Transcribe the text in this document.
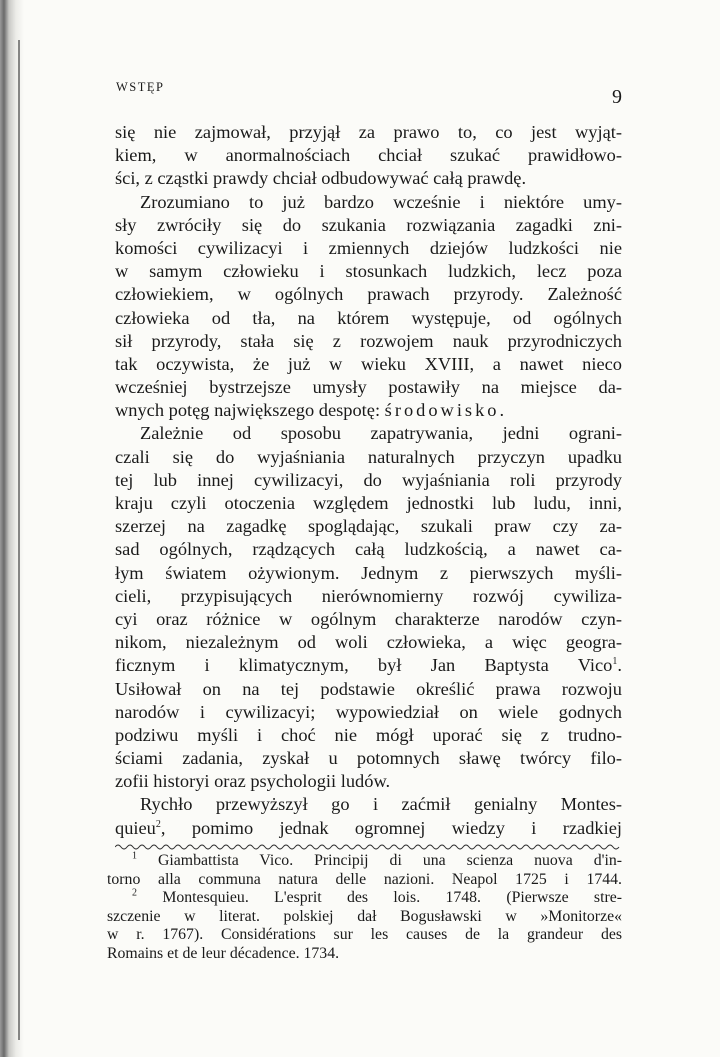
WSTĘP	9
się nie zajmował, przyjął za prawo to, co jest wyjąt-
kiem, w anormalnościach chciał szukać prawidłowo-
ści, z cząstki prawdy chciał odbudowywać całą prawdę.
Zrozumiano to już bardzo wcześnie i niektóre umy-
sły zwróciły się do szukania rozwiązania zagadki zni-
komości cywilizacyi i zmiennych dziejów ludzkości nie
w samym człowieku i stosunkach ludzkich, lecz poza
człowiekiem, w ogólnych prawach przyrody. Zależność
człowieka od tła, na którem występuje, od ogólnych
sił przyrody, stała się z rozwojem nauk przyrodniczych
tak oczywista, że już w wieku XVIII, a nawet nieco
wcześniej bystrzejsze umysły postawiły na miejsce da-
wnych potęg największego despotę: środowisko.
Zależnie od sposobu zapatrywania, jedni ograni-
czali się do wyjaśniania naturalnych przyczyn upadku
tej lub innej cywilizacyi, do wyjaśniania roli przyrody
kraju czyli otoczenia względem jednostki lub ludu, inni,
szerzej na zagadkę spoglądając, szukali praw czy za-
sad ogólnych, rządzących całą ludzkością, a nawet ca-
łym światem ożywionym. Jednym z pierwszych myśli-
cieli, przypisujących nierównomierny rozwój cywiliza-
cyi oraz różnice w ogólnym charakterze narodów czyn-
nikom, niezależnym od woli człowieka, a więc geogra-
ficznym i klimatycznym, był Jan Baptysta Vico$^1$.
Usiłował on na tej podstawie określić prawa rozwoju
narodów i cywilizacyi; wypowiedział on wiele godnych
podziwu myśli i choć nie mógł uporać się z trudno-
ściami zadania, zyskał u potomnych sławę twórcy filo-
zofii historyi oraz psychologii ludów.
Rychło przewyższył go i zaćmił genialny Montes-
quieu$^2$, pomimo jednak ogromnej wiedzy i rzadkiej
$^1$ Giambattista Vico. Principij di una scienza nuova d'in-
torno alla communa natura delle nazioni. Neapol 1725 i 1744.
$^2$ Montesquieu. L'esprit des lois. 1748. (Pierwsze stre-
szczenie w literat. polskiej dał Bogusławski w »Monitorze«
w r. 1767). Considérations sur les causes de la grandeur des
Romains et de leur décadence. 1734.
